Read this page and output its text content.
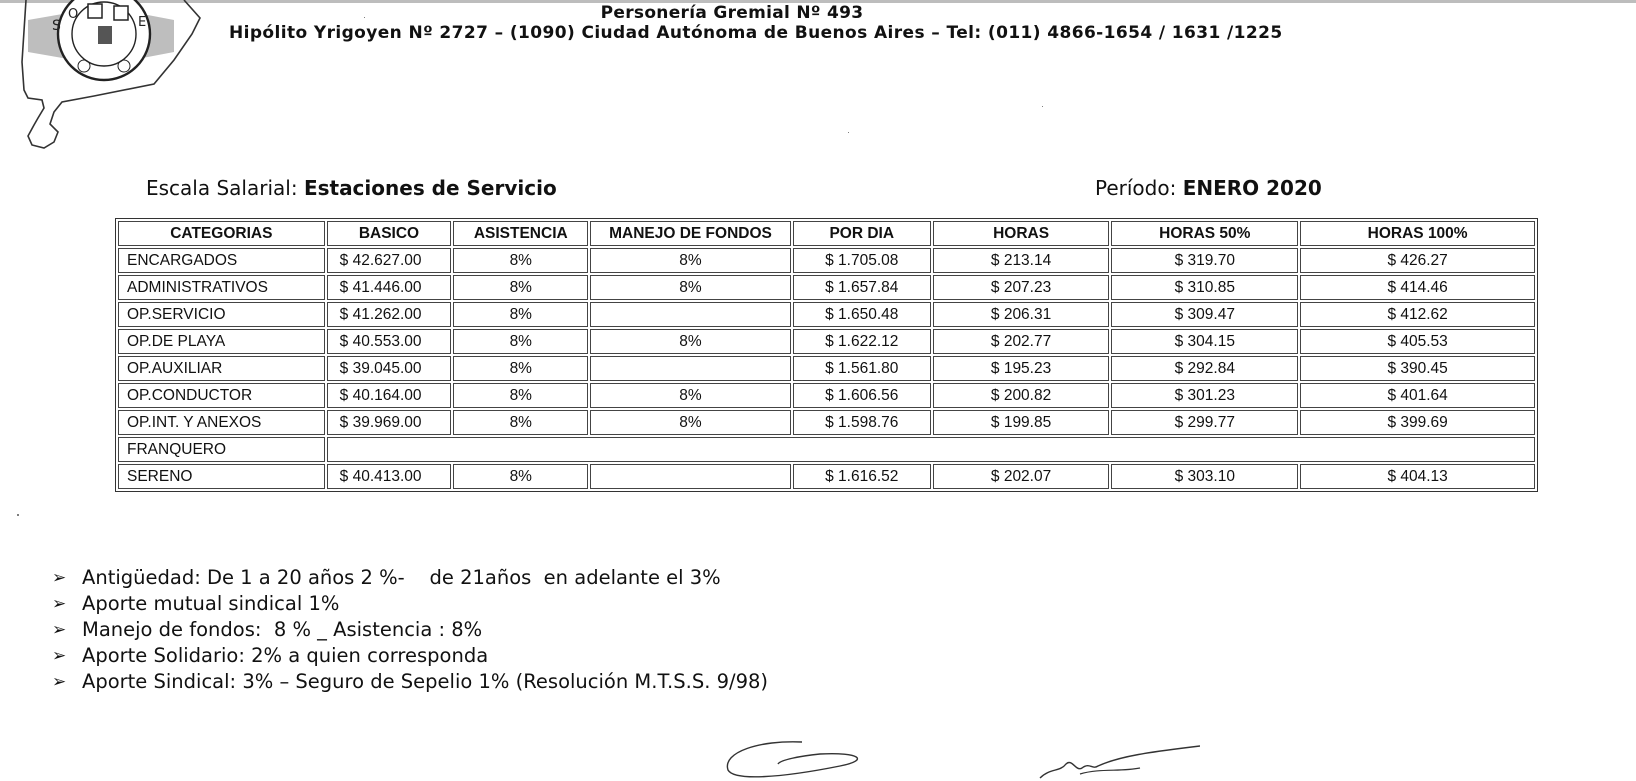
S
O
E	Personería Gremial Nº 493
Hipólito Yrigoyen Nº 2727 – (1090) Ciudad Autónoma de Buenos Aires – Tel: (011) 4866-1654 / 1631 /1225
Escala Salarial: Estaciones de Servicio	Período: ENERO 2020
CATEGORIAS	BASICO	ASISTENCIA	MANEJO DE FONDOS	POR DIA	HORAS	HORAS 50%	HORAS 100%
ENCARGADOS	$ 42.627.00	8%	8%	$ 1.705.08	$ 213.14	$ 319.70	$ 426.27
ADMINISTRATIVOS	$ 41.446.00	8%	8%	$ 1.657.84	$ 207.23	$ 310.85	$ 414.46
OP.SERVICIO	$ 41.262.00	8%		$ 1.650.48	$ 206.31	$ 309.47	$ 412.62
OP.DE PLAYA	$ 40.553.00	8%	8%	$ 1.622.12	$ 202.77	$ 304.15	$ 405.53
OP.AUXILIAR	$ 39.045.00	8%		$ 1.561.80	$ 195.23	$ 292.84	$ 390.45
OP.CONDUCTOR	$ 40.164.00	8%	8%	$ 1.606.56	$ 200.82	$ 301.23	$ 401.64
OP.INT. Y ANEXOS	$ 39.969.00	8%	8%	$ 1.598.76	$ 199.85	$ 299.77	$ 399.69
FRANQUERO							
SERENO	$ 40.413.00	8%		$ 1.616.52	$ 202.07	$ 303.10	$ 404.13
➢ Antigüedad: De 1 a 20 años 2 %-    de 21años  en adelante el 3%
➢ Aporte mutual sindical 1%
➢ Manejo de fondos:  8 % _ Asistencia : 8%
➢ Aporte Solidario: 2% a quien corresponda
➢ Aporte Sindical: 3% – Seguro de Sepelio 1% (Resolución M.T.S.S. 9/98)
